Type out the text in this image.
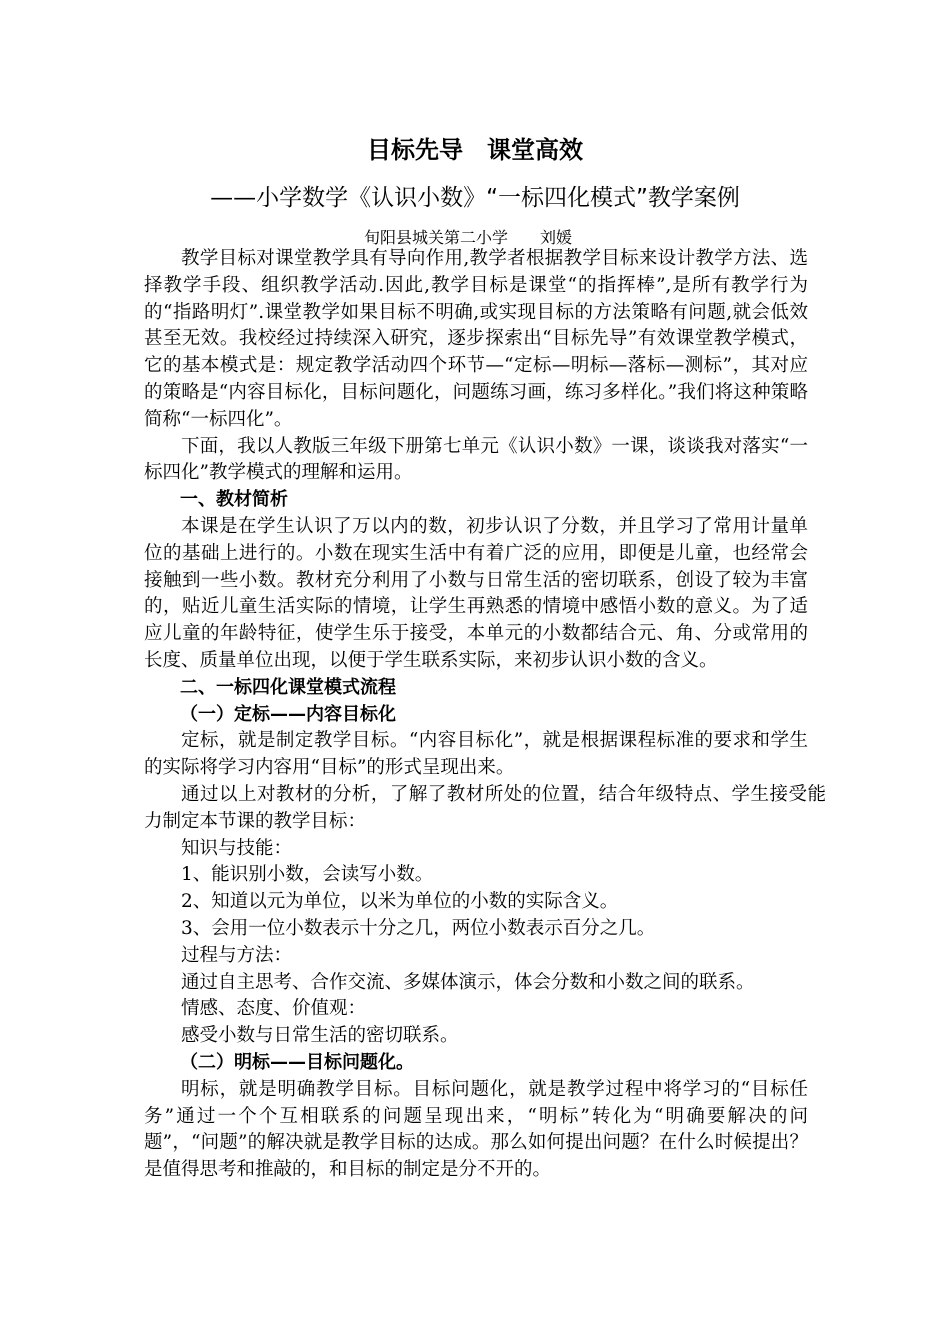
目标先导　课堂高效
——小学数学《认识小数》“一标四化模式”教学案例
旬阳县城关第二小学　　刘媛

教学目标对课堂教学具有导向作用,教学者根据教学目标来设计教学方法、选择教学手段、组织教学活动.因此,教学目标是课堂“的指挥棒”,是所有教学行为的“指路明灯”.课堂教学如果目标不明确,或实现目标的方法策略有问题,就会低效甚至无效。我校经过持续深入研究，逐步探索出“目标先导”有效课堂教学模式，它的基本模式是：规定教学活动四个环节—“定标—明标—落标—测标”，其对应的策略是“内容目标化，目标问题化，问题练习画，练习多样化。”我们将这种策略简称“一标四化”。

下面，我以人教版三年级下册第七单元《认识小数》一课，谈谈我对落实“一标四化”教学模式的理解和运用。

一、教材简析

本课是在学生认识了万以内的数，初步认识了分数，并且学习了常用计量单位的基础上进行的。小数在现实生活中有着广泛的应用，即便是儿童，也经常会接触到一些小数。教材充分利用了小数与日常生活的密切联系，创设了较为丰富的，贴近儿童生活实际的情境，让学生再熟悉的情境中感悟小数的意义。为了适应儿童的年龄特征，使学生乐于接受，本单元的小数都结合元、角、分或常用的长度、质量单位出现，以便于学生联系实际，来初步认识小数的含义。

二、一标四化课堂模式流程

（一）定标——内容目标化

定标，就是制定教学目标。“内容目标化”，就是根据课程标准的要求和学生的实际将学习内容用“目标”的形式呈现出来。

通过以上对教材的分析，了解了教材所处的位置，结合年级特点、学生接受能力制定本节课的教学目标：

知识与技能：

1、能识别小数，会读写小数。

2、知道以元为单位，以米为单位的小数的实际含义。

3、会用一位小数表示十分之几，两位小数表示百分之几。

过程与方法：

通过自主思考、合作交流、多媒体演示，体会分数和小数之间的联系。

情感、态度、价值观：

感受小数与日常生活的密切联系。

（二）明标——目标问题化。

明标，就是明确教学目标。目标问题化，就是教学过程中将学习的“目标任务”通过一个个互相联系的问题呈现出来，“明标”转化为“明确要解决的问题”，“问题”的解决就是教学目标的达成。那么如何提出问题？在什么时候提出？是值得思考和推敲的，和目标的制定是分不开的。
